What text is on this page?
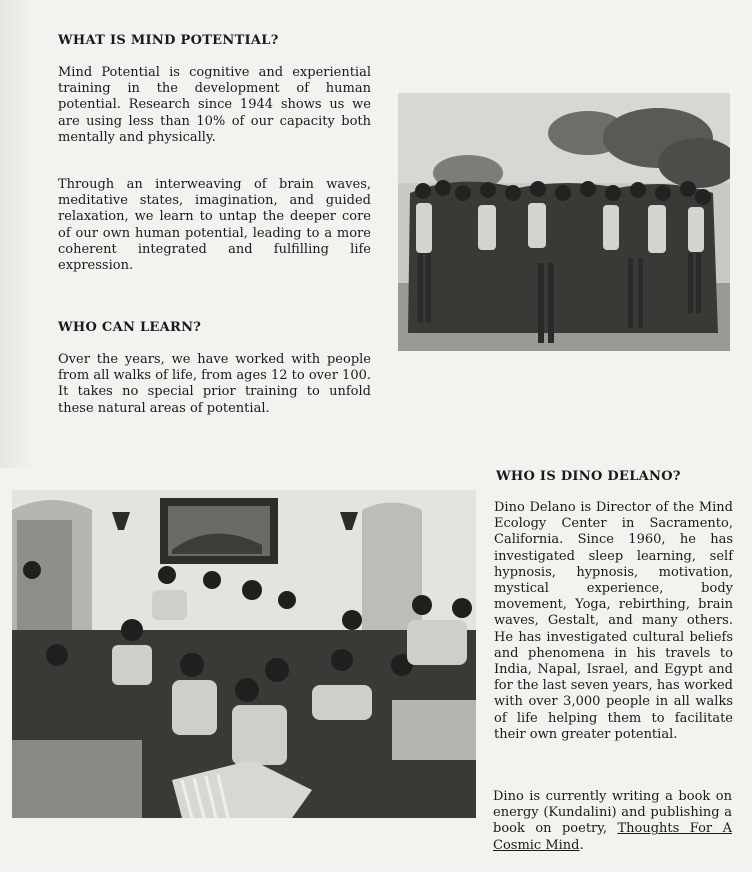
WHAT IS MIND POTENTIAL?

Mind Potential is cognitive and experiential training in the development of human potential. Research since 1944 shows us we are using less than 10% of our capacity both mentally and physically.

Through an interweaving of brain waves, meditative states, imagination, and guided relaxation, we learn to untap the deeper core of our own human potential, leading to a more coherent integrated and fulfilling life expression.

WHO CAN LEARN?

Over the years, we have worked with people from all walks of life, from ages 12 to over 100. It takes no special prior training to unfold these natural areas of potential.

WHO IS DINO DELANO?

Dino Delano is Director of the Mind Ecology Center in Sacramento, California. Since 1960, he has investigated sleep learning, self hypnosis, hypnosis, motivation, mystical experience, body movement, Yoga, rebirthing, brain waves, Gestalt, and many others. He has investigated cultural beliefs and phenomena in his travels to India, Napal, Israel, and Egypt and for the last seven years, has worked with over 3,000 people in all walks of life helping them to facilitate their own greater potential.

Dino is currently writing a book on energy (Kundalini) and publishing a book on poetry, Thoughts For A Cosmic Mind.
